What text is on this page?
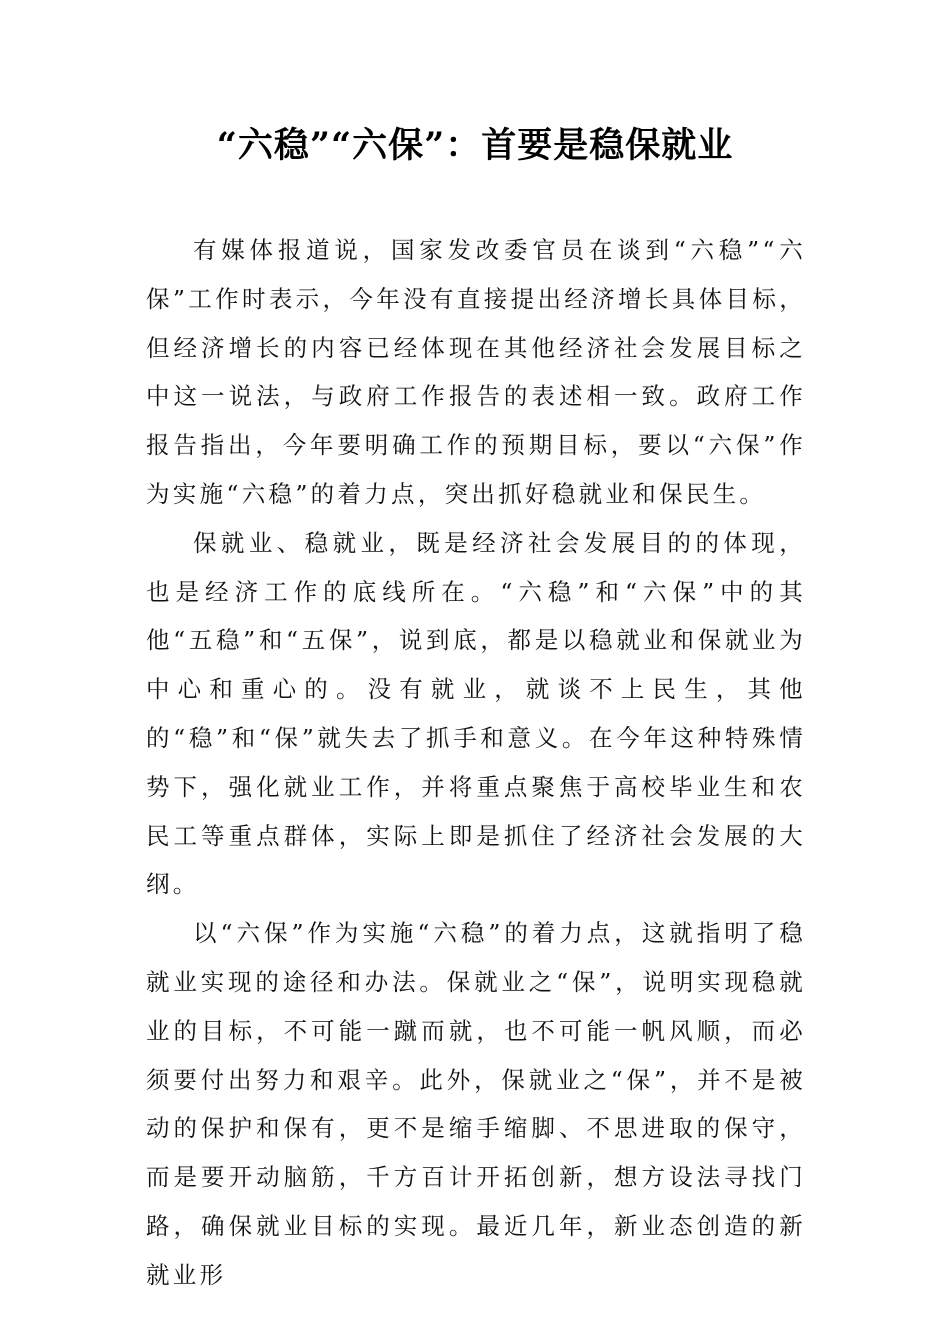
“六稳”“六保”：首要是稳保就业

有媒体报道说，国家发改委官员在谈到“六稳”“六保”工作时表示，今年没有直接提出经济增长具体目标，但经济增长的内容已经体现在其他经济社会发展目标之中这一说法，与政府工作报告的表述相一致。政府工作报告指出，今年要明确工作的预期目标，要以“六保”作为实施“六稳”的着力点，突出抓好稳就业和保民生。

保就业、稳就业，既是经济社会发展目的的体现，也是经济工作的底线所在。“六稳”和“六保”中的其他“五稳”和“五保”，说到底，都是以稳就业和保就业为中心和重心的。没有就业，就谈不上民生，其他的“稳”和“保”就失去了抓手和意义。在今年这种特殊情势下，强化就业工作，并将重点聚焦于高校毕业生和农民工等重点群体，实际上即是抓住了经济社会发展的大纲。

以“六保”作为实施“六稳”的着力点，这就指明了稳就业实现的途径和办法。保就业之“保”，说明实现稳就业的目标，不可能一蹴而就，也不可能一帆风顺，而必须要付出努力和艰辛。此外，保就业之“保”，并不是被动的保护和保有，更不是缩手缩脚、不思进取的保守，而是要开动脑筋，千方百计开拓创新，想方设法寻找门路，确保就业目标的实现。最近几年，新业态创造的新就业形
